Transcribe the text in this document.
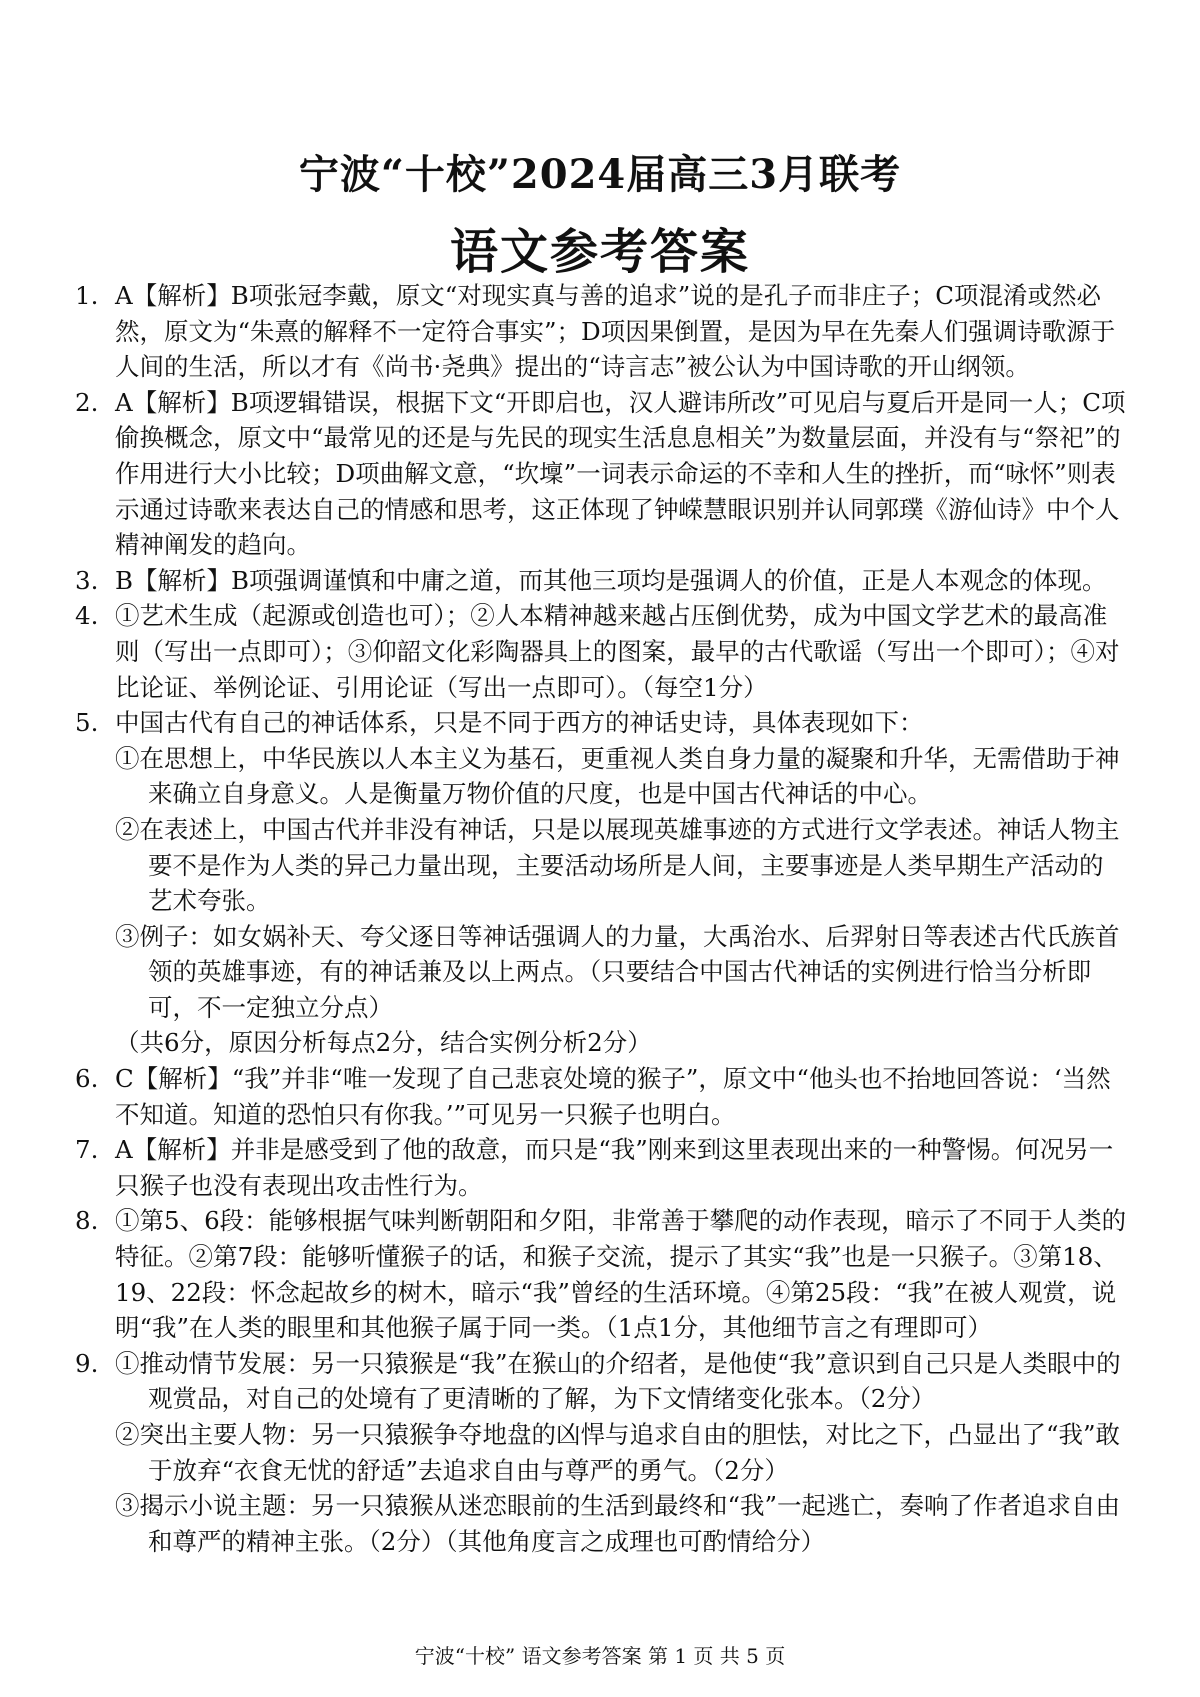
宁波“十校”2024届高三3月联考
语文参考答案
1. A【解析】B项张冠李戴，原文“对现实真与善的追求”说的是孔子而非庄子；C项混淆或然必然，原文为“朱熹的解释不一定符合事实”；D项因果倒置，是因为早在先秦人们强调诗歌源于人间的生活，所以才有《尚书·尧典》提出的“诗言志”被公认为中国诗歌的开山纲领。

2. A【解析】B项逻辑错误，根据下文“开即启也，汉人避讳所改”可见启与夏后开是同一人；C项偷换概念，原文中“最常见的还是与先民的现实生活息息相关”为数量层面，并没有与“祭祀”的作用进行大小比较；D项曲解文意，“坎壈”一词表示命运的不幸和人生的挫折，而“咏怀”则表示通过诗歌来表达自己的情感和思考，这正体现了钟嵘慧眼识别并认同郭璞《游仙诗》中个人精神阐发的趋向。

3. B【解析】B项强调谨慎和中庸之道，而其他三项均是强调人的价值，正是人本观念的体现。

4. ①艺术生成（起源或创造也可）；②人本精神越来越占压倒优势，成为中国文学艺术的最高准则（写出一点即可）；③仰韶文化彩陶器具上的图案，最早的古代歌谣（写出一个即可）；④对比论证、举例论证、引用论证（写出一点即可）。（每空1分）

5. 中国古代有自己的神话体系，只是不同于西方的神话史诗，具体表现如下：

①在思想上，中华民族以人本主义为基石，更重视人类自身力量的凝聚和升华，无需借助于神来确立自身意义。人是衡量万物价值的尺度，也是中国古代神话的中心。

②在表述上，中国古代并非没有神话，只是以展现英雄事迹的方式进行文学表述。神话人物主要不是作为人类的异己力量出现，主要活动场所是人间，主要事迹是人类早期生产活动的艺术夸张。

③例子：如女娲补天、夸父逐日等神话强调人的力量，大禹治水、后羿射日等表述古代氏族首领的英雄事迹，有的神话兼及以上两点。（只要结合中国古代神话的实例进行恰当分析即可，不一定独立分点）

（共6分，原因分析每点2分，结合实例分析2分）

6. C【解析】“我”并非“唯一发现了自己悲哀处境的猴子”，原文中“他头也不抬地回答说：‘当然不知道。知道的恐怕只有你我。’”可见另一只猴子也明白。

7. A【解析】并非是感受到了他的敌意，而只是“我”刚来到这里表现出来的一种警惕。何况另一只猴子也没有表现出攻击性行为。

8. ①第5、6段：能够根据气味判断朝阳和夕阳，非常善于攀爬的动作表现，暗示了不同于人类的特征。②第7段：能够听懂猴子的话，和猴子交流，提示了其实“我”也是一只猴子。③第18、19、22段：怀念起故乡的树木，暗示“我”曾经的生活环境。④第25段：“我”在被人观赏，说明“我”在人类的眼里和其他猴子属于同一类。（1点1分，其他细节言之有理即可）

9. ①推动情节发展：另一只猿猴是“我”在猴山的介绍者，是他使“我”意识到自己只是人类眼中的观赏品，对自己的处境有了更清晰的了解，为下文情绪变化张本。（2分）

②突出主要人物：另一只猿猴争夺地盘的凶悍与追求自由的胆怯，对比之下，凸显出了“我”敢于放弃“衣食无忧的舒适”去追求自由与尊严的勇气。（2分）

③揭示小说主题：另一只猿猴从迷恋眼前的生活到最终和“我”一起逃亡，奏响了作者追求自由和尊严的精神主张。（2分）（其他角度言之成理也可酌情给分）

宁波“十校” 语文参考答案 第 1 页 共 5 页
